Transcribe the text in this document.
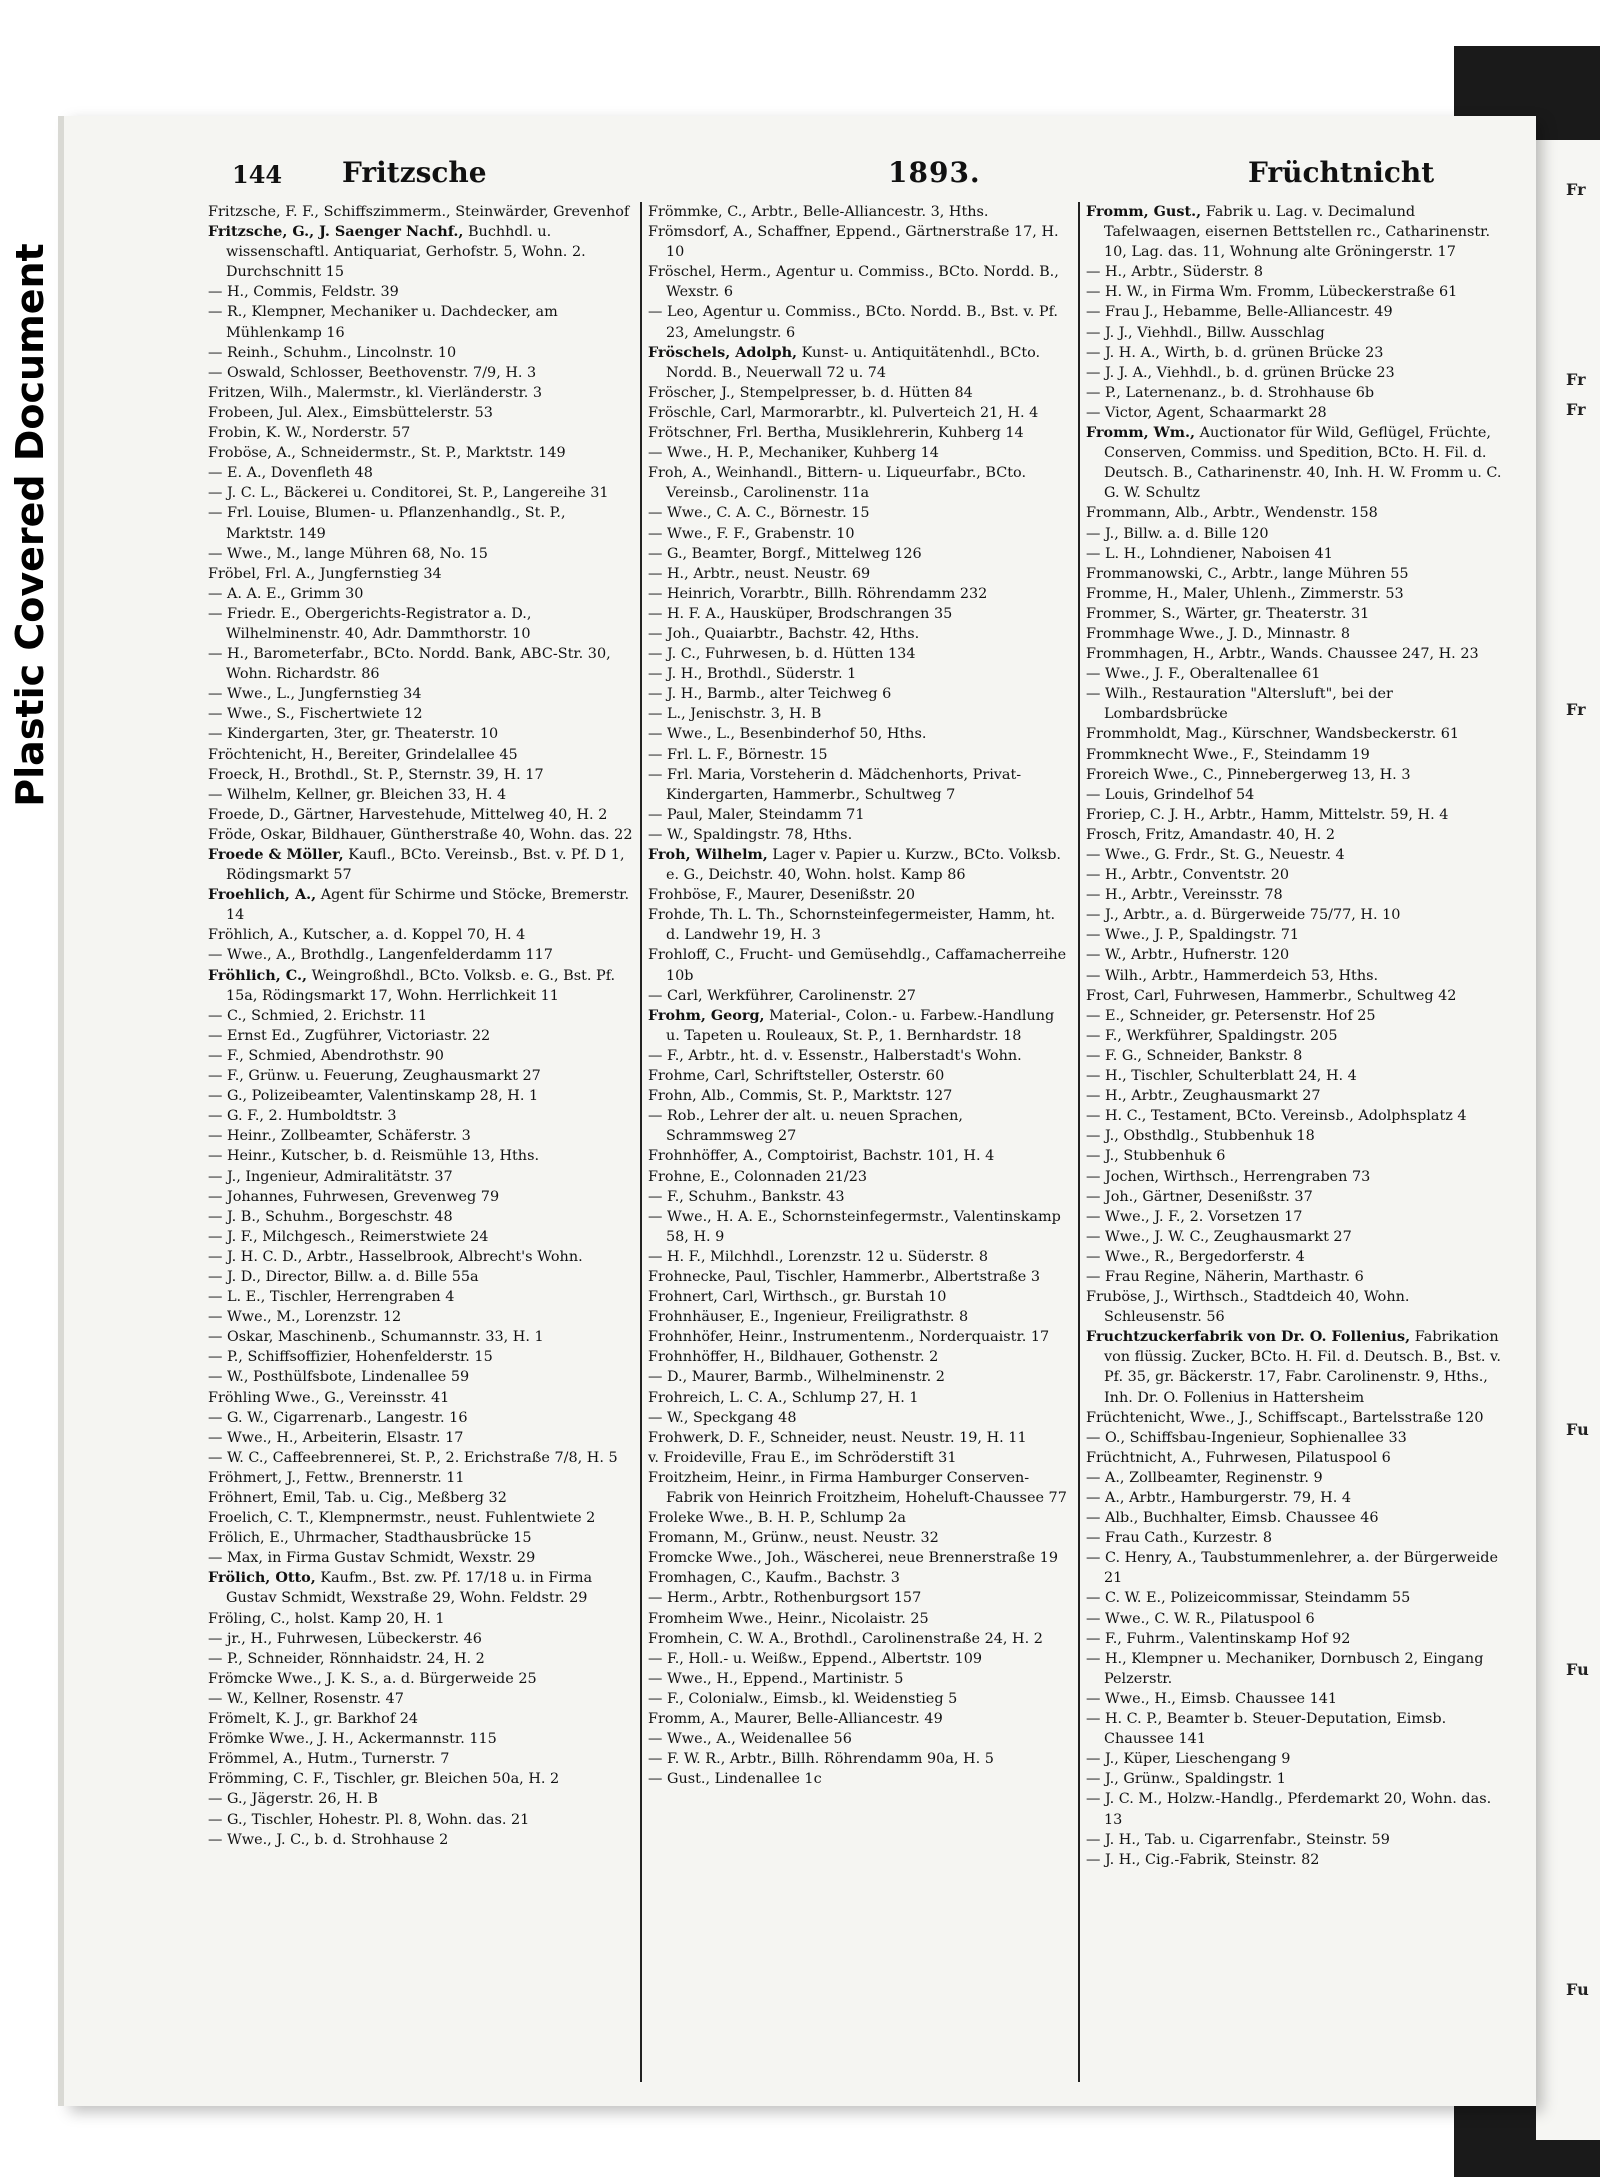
Plastic Covered Document
Fr
Fr
Fr
Fr
Fu
Fu
Fu
144 Fritzsche	1893.	Früchtnicht

Fritzsche, F. F., Schiffszimmerm., Steinwärder, Grevenhof

Fritzsche, G., J. Saenger Nachf., Buchhdl. u. wissenschaftl. Antiquariat, Gerhofstr. 5, Wohn. 2. Durchschnitt 15

— H., Commis, Feldstr. 39

— R., Klempner, Mechaniker u. Dachdecker, am Mühlenkamp 16

— Reinh., Schuhm., Lincolnstr. 10

— Oswald, Schlosser, Beethovenstr. 7/9, H. 3

Fritzen, Wilh., Malermstr., kl. Vierländerstr. 3

Frobeen, Jul. Alex., Eimsbüttelerstr. 53

Frobin, K. W., Norderstr. 57

Froböse, A., Schneidermstr., St. P., Marktstr. 149

— E. A., Dovenfleth 48

— J. C. L., Bäckerei u. Conditorei, St. P., Langereihe 31

— Frl. Louise, Blumen- u. Pflanzenhandlg., St. P., Marktstr. 149

— Wwe., M., lange Mühren 68, No. 15

Fröbel, Frl. A., Jungfernstieg 34

— A. A. E., Grimm 30

— Friedr. E., Obergerichts-Registrator a. D., Wilhelminenstr. 40, Adr. Dammthorstr. 10

— H., Barometerfabr., BCto. Nordd. Bank, ABC-Str. 30, Wohn. Richardstr. 86

— Wwe., L., Jungfernstieg 34

— Wwe., S., Fischertwiete 12

— Kindergarten, 3ter, gr. Theaterstr. 10

Fröchtenicht, H., Bereiter, Grindelallee 45

Froeck, H., Brothdl., St. P., Sternstr. 39, H. 17

— Wilhelm, Kellner, gr. Bleichen 33, H. 4

Froede, D., Gärtner, Harvestehude, Mittelweg 40, H. 2

Fröde, Oskar, Bildhauer, Güntherstraße 40, Wohn. das. 22

Froede & Möller, Kaufl., BCto. Vereinsb., Bst. v. Pf. D 1, Rödingsmarkt 57

Froehlich, A., Agent für Schirme und Stöcke, Bremerstr. 14

Fröhlich, A., Kutscher, a. d. Koppel 70, H. 4

— Wwe., A., Brothdlg., Langenfelderdamm 117

Fröhlich, C., Weingroßhdl., BCto. Volksb. e. G., Bst. Pf. 15a, Rödingsmarkt 17, Wohn. Herrlichkeit 11

— C., Schmied, 2. Erichstr. 11

— Ernst Ed., Zugführer, Victoriastr. 22

— F., Schmied, Abendrothstr. 90

— F., Grünw. u. Feuerung, Zeughausmarkt 27

— G., Polizeibeamter, Valentinskamp 28, H. 1

— G. F., 2. Humboldtstr. 3

— Heinr., Zollbeamter, Schäferstr. 3

— Heinr., Kutscher, b. d. Reismühle 13, Hths.

— J., Ingenieur, Admiralitätstr. 37

— Johannes, Fuhrwesen, Grevenweg 79

— J. B., Schuhm., Borgeschstr. 48

— J. F., Milchgesch., Reimerstwiete 24

— J. H. C. D., Arbtr., Hasselbrook, Albrecht's Wohn.

— J. D., Director, Billw. a. d. Bille 55a

— L. E., Tischler, Herrengraben 4

— Wwe., M., Lorenzstr. 12

— Oskar, Maschinenb., Schumannstr. 33, H. 1

— P., Schiffsoffizier, Hohenfelderstr. 15

— W., Posthülfsbote, Lindenallee 59

Fröhling Wwe., G., Vereinsstr. 41

— G. W., Cigarrenarb., Langestr. 16

— Wwe., H., Arbeiterin, Elsastr. 17

— W. C., Caffeebrennerei, St. P., 2. Erichstraße 7/8, H. 5

Fröhmert, J., Fettw., Brennerstr. 11

Fröhnert, Emil, Tab. u. Cig., Meßberg 32

Froelich, C. T., Klempnermstr., neust. Fuhlentwiete 2

Frölich, E., Uhrmacher, Stadthausbrücke 15

— Max, in Firma Gustav Schmidt, Wexstr. 29

Frölich, Otto, Kaufm., Bst. zw. Pf. 17/18 u. in Firma Gustav Schmidt, Wexstraße 29, Wohn. Feldstr. 29

Fröling, C., holst. Kamp 20, H. 1

— jr., H., Fuhrwesen, Lübeckerstr. 46

— P., Schneider, Rönnhaidstr. 24, H. 2

Frömcke Wwe., J. K. S., a. d. Bürgerweide 25

— W., Kellner, Rosenstr. 47

Frömelt, K. J., gr. Barkhof 24

Frömke Wwe., J. H., Ackermannstr. 115

Frömmel, A., Hutm., Turnerstr. 7

Frömming, C. F., Tischler, gr. Bleichen 50a, H. 2

— G., Jägerstr. 26, H. B

— G., Tischler, Hohestr. Pl. 8, Wohn. das. 21

— Wwe., J. C., b. d. Strohhause 2

Frömmke, C., Arbtr., Belle-Alliancestr. 3, Hths.

Frömsdorf, A., Schaffner, Eppend., Gärtnerstraße 17, H. 10

Fröschel, Herm., Agentur u. Commiss., BCto. Nordd. B., Wexstr. 6

— Leo, Agentur u. Commiss., BCto. Nordd. B., Bst. v. Pf. 23, Amelungstr. 6

Fröschels, Adolph, Kunst- u. Antiquitätenhdl., BCto. Nordd. B., Neuerwall 72 u. 74

Fröscher, J., Stempelpresser, b. d. Hütten 84

Fröschle, Carl, Marmorarbtr., kl. Pulverteich 21, H. 4

Frötschner, Frl. Bertha, Musiklehrerin, Kuhberg 14

— Wwe., H. P., Mechaniker, Kuhberg 14

Froh, A., Weinhandl., Bittern- u. Liqueurfabr., BCto. Vereinsb., Carolinenstr. 11a

— Wwe., C. A. C., Börnestr. 15

— Wwe., F. F., Grabenstr. 10

— G., Beamter, Borgf., Mittelweg 126

— H., Arbtr., neust. Neustr. 69

— Heinrich, Vorarbtr., Billh. Röhrendamm 232

— H. F. A., Hausküper, Brodschrangen 35

— Joh., Quaiarbtr., Bachstr. 42, Hths.

— J. C., Fuhrwesen, b. d. Hütten 134

— J. H., Brothdl., Süderstr. 1

— J. H., Barmb., alter Teichweg 6

— L., Jenischstr. 3, H. B

— Wwe., L., Besenbinderhof 50, Hths.

— Frl. L. F., Börnestr. 15

— Frl. Maria, Vorsteherin d. Mädchenhorts, Privat-Kindergarten, Hammerbr., Schultweg 7

— Paul, Maler, Steindamm 71

— W., Spaldingstr. 78, Hths.

Froh, Wilhelm, Lager v. Papier u. Kurzw., BCto. Volksb. e. G., Deichstr. 40, Wohn. holst. Kamp 86

Frohböse, F., Maurer, Desenißstr. 20

Frohde, Th. L. Th., Schornsteinfegermeister, Hamm, ht. d. Landwehr 19, H. 3

Frohloff, C., Frucht- und Gemüsehdlg., Caffamacherreihe 10b

— Carl, Werkführer, Carolinenstr. 27

Frohm, Georg, Material-, Colon.- u. Farbew.-Handlung u. Tapeten u. Rouleaux, St. P., 1. Bernhardstr. 18

— F., Arbtr., ht. d. v. Essenstr., Halberstadt's Wohn.

Frohme, Carl, Schriftsteller, Osterstr. 60

Frohn, Alb., Commis, St. P., Marktstr. 127

— Rob., Lehrer der alt. u. neuen Sprachen, Schrammsweg 27

Frohnhöffer, A., Comptoirist, Bachstr. 101, H. 4

Frohne, E., Colonnaden 21/23

— F., Schuhm., Bankstr. 43

— Wwe., H. A. E., Schornsteinfegermstr., Valentinskamp 58, H. 9

— H. F., Milchhdl., Lorenzstr. 12 u. Süderstr. 8

Frohnecke, Paul, Tischler, Hammerbr., Albertstraße 3

Frohnert, Carl, Wirthsch., gr. Burstah 10

Frohnhäuser, E., Ingenieur, Freiligrathstr. 8

Frohnhöfer, Heinr., Instrumentenm., Norderquaistr. 17

Frohnhöffer, H., Bildhauer, Gothenstr. 2

— D., Maurer, Barmb., Wilhelminenstr. 2

Frohreich, L. C. A., Schlump 27, H. 1

— W., Speckgang 48

Frohwerk, D. F., Schneider, neust. Neustr. 19, H. 11

v. Froideville, Frau E., im Schröderstift 31

Froitzheim, Heinr., in Firma Hamburger Conserven-Fabrik von Heinrich Froitzheim, Hoheluft-Chaussee 77

Froleke Wwe., B. H. P., Schlump 2a

Fromann, M., Grünw., neust. Neustr. 32

Fromcke Wwe., Joh., Wäscherei, neue Brennerstraße 19

Fromhagen, C., Kaufm., Bachstr. 3

— Herm., Arbtr., Rothenburgsort 157

Fromheim Wwe., Heinr., Nicolaistr. 25

Fromhein, C. W. A., Brothdl., Carolinenstraße 24, H. 2

— F., Holl.- u. Weißw., Eppend., Albertstr. 109

— Wwe., H., Eppend., Martinistr. 5

— F., Colonialw., Eimsb., kl. Weidenstieg 5

Fromm, A., Maurer, Belle-Alliancestr. 49

— Wwe., A., Weidenallee 56

— F. W. R., Arbtr., Billh. Röhrendamm 90a, H. 5

— Gust., Lindenallee 1c

Fromm, Gust., Fabrik u. Lag. v. Decimalund Tafelwaagen, eisernen Bettstellen rc., Catharinenstr. 10, Lag. das. 11, Wohnung alte Gröningerstr. 17

— H., Arbtr., Süderstr. 8

— H. W., in Firma Wm. Fromm, Lübeckerstraße 61

— Frau J., Hebamme, Belle-Alliancestr. 49

— J. J., Viehhdl., Billw. Ausschlag

— J. H. A., Wirth, b. d. grünen Brücke 23

— J. J. A., Viehhdl., b. d. grünen Brücke 23

— P., Laternenanz., b. d. Strohhause 6b

— Victor, Agent, Schaarmarkt 28

Fromm, Wm., Auctionator für Wild, Geflügel, Früchte, Conserven, Commiss. und Spedition, BCto. H. Fil. d. Deutsch. B., Catharinenstr. 40, Inh. H. W. Fromm u. C. G. W. Schultz

Frommann, Alb., Arbtr., Wendenstr. 158

— J., Billw. a. d. Bille 120

— L. H., Lohndiener, Naboisen 41

Frommanowski, C., Arbtr., lange Mühren 55

Fromme, H., Maler, Uhlenh., Zimmerstr. 53

Frommer, S., Wärter, gr. Theaterstr. 31

Frommhage Wwe., J. D., Minnastr. 8

Frommhagen, H., Arbtr., Wands. Chaussee 247, H. 23

— Wwe., J. F., Oberaltenallee 61

— Wilh., Restauration "Altersluft", bei der Lombardsbrücke

Frommholdt, Mag., Kürschner, Wandsbeckerstr. 61

Frommknecht Wwe., F., Steindamm 19

Froreich Wwe., C., Pinnebergerweg 13, H. 3

— Louis, Grindelhof 54

Froriep, C. J. H., Arbtr., Hamm, Mittelstr. 59, H. 4

Frosch, Fritz, Amandastr. 40, H. 2

— Wwe., G. Frdr., St. G., Neuestr. 4

— H., Arbtr., Conventstr. 20

— H., Arbtr., Vereinsstr. 78

— J., Arbtr., a. d. Bürgerweide 75/77, H. 10

— Wwe., J. P., Spaldingstr. 71

— W., Arbtr., Hufnerstr. 120

— Wilh., Arbtr., Hammerdeich 53, Hths.

Frost, Carl, Fuhrwesen, Hammerbr., Schultweg 42

— E., Schneider, gr. Petersenstr. Hof 25

— F., Werkführer, Spaldingstr. 205

— F. G., Schneider, Bankstr. 8

— H., Tischler, Schulterblatt 24, H. 4

— H., Arbtr., Zeughausmarkt 27

— H. C., Testament, BCto. Vereinsb., Adolphsplatz 4

— J., Obsthdlg., Stubbenhuk 18

— J., Stubbenhuk 6

— Jochen, Wirthsch., Herrengraben 73

— Joh., Gärtner, Desenißstr. 37

— Wwe., J. F., 2. Vorsetzen 17

— Wwe., J. W. C., Zeughausmarkt 27

— Wwe., R., Bergedorferstr. 4

— Frau Regine, Näherin, Marthastr. 6

Fruböse, J., Wirthsch., Stadtdeich 40, Wohn. Schleusenstr. 56

Fruchtzuckerfabrik von Dr. O. Follenius, Fabrikation von flüssig. Zucker, BCto. H. Fil. d. Deutsch. B., Bst. v. Pf. 35, gr. Bäckerstr. 17, Fabr. Carolinenstr. 9, Hths., Inh. Dr. O. Follenius in Hattersheim

Früchtenicht, Wwe., J., Schiffscapt., Bartelsstraße 120

— O., Schiffsbau-Ingenieur, Sophienallee 33

Früchtnicht, A., Fuhrwesen, Pilatuspool 6

— A., Zollbeamter, Reginenstr. 9

— A., Arbtr., Hamburgerstr. 79, H. 4

— Alb., Buchhalter, Eimsb. Chaussee 46

— Frau Cath., Kurzestr. 8

— C. Henry, A., Taubstummenlehrer, a. der Bürgerweide 21

— C. W. E., Polizeicommissar, Steindamm 55

— Wwe., C. W. R., Pilatuspool 6

— F., Fuhrm., Valentinskamp Hof 92

— H., Klempner u. Mechaniker, Dornbusch 2, Eingang Pelzerstr.

— Wwe., H., Eimsb. Chaussee 141

— H. C. P., Beamter b. Steuer-Deputation, Eimsb. Chaussee 141

— J., Küper, Lieschengang 9

— J., Grünw., Spaldingstr. 1

— J. C. M., Holzw.-Handlg., Pferdemarkt 20, Wohn. das. 13

— J. H., Tab. u. Cigarrenfabr., Steinstr. 59

— J. H., Cig.-Fabrik, Steinstr. 82
